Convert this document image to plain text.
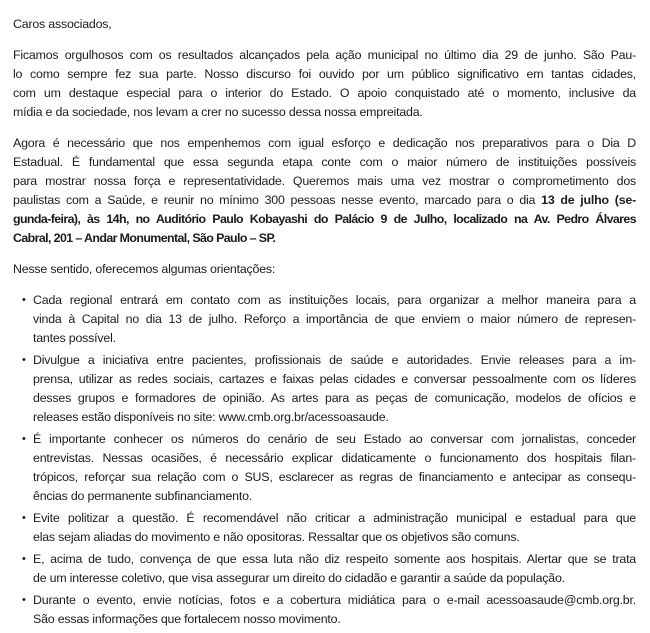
Caros associados,
Ficamos orgulhosos com os resultados alcançados pela ação municipal no último dia 29 de junho. São Pau-
lo como sempre fez sua parte. Nosso discurso foi ouvido por um público significativo em tantas cidades,
com um destaque especial para o interior do Estado. O apoio conquistado até o momento, inclusive da
mídia e da sociedade, nos levam a crer no sucesso dessa nossa empreitada.
Agora é necessário que nos empenhemos com igual esforço e dedicação nos preparativos para o Dia D
Estadual. É fundamental que essa segunda etapa conte com o maior número de instituições possíveis
para mostrar nossa força e representatividade. Queremos mais uma vez mostrar o comprometimento dos
paulistas com a Saúde, e reunir no mínimo 300 pessoas nesse evento, marcado para o dia 13 de julho (se-
gunda-feira), às 14h, no Auditório Paulo Kobayashi do Palácio 9 de Julho, localizado na Av. Pedro Álvares
Cabral, 201 – Andar Monumental, São Paulo – SP.
Nesse sentido, oferecemos algumas orientações:
• Cada regional entrará em contato com as instituições locais, para organizar a melhor maneira para a
vinda à Capital no dia 13 de julho. Reforço a importância de que enviem o maior número de represen-
tantes possível.
• Divulgue a iniciativa entre pacientes, profissionais de saúde e autoridades. Envie releases para a im-
prensa, utilizar as redes sociais, cartazes e faixas pelas cidades e conversar pessoalmente com os líderes
desses grupos e formadores de opinião. As artes para as peças de comunicação, modelos de ofícios e
releases estão disponíveis no site: www.cmb.org.br/acessoasaude.
• É importante conhecer os números do cenário de seu Estado ao conversar com jornalistas, conceder
entrevistas. Nessas ocasiões, é necessário explicar didaticamente o funcionamento dos hospitais filan-
trópicos, reforçar sua relação com o SUS, esclarecer as regras de financiamento e antecipar as consequ-
ências do permanente subfinanciamento.
• Evite politizar a questão. É recomendável não criticar a administração municipal e estadual para que
elas sejam aliadas do movimento e não opositoras. Ressaltar que os objetivos são comuns.
• E, acima de tudo, convença de que essa luta não diz respeito somente aos hospitais. Alertar que se trata
de um interesse coletivo, que visa assegurar um direito do cidadão e garantir a saúde da população.
• Durante o evento, envie notícias, fotos e a cobertura midiática para o e-mail acessoasaude@cmb.org.br.
São essas informações que fortalecem nosso movimento.
